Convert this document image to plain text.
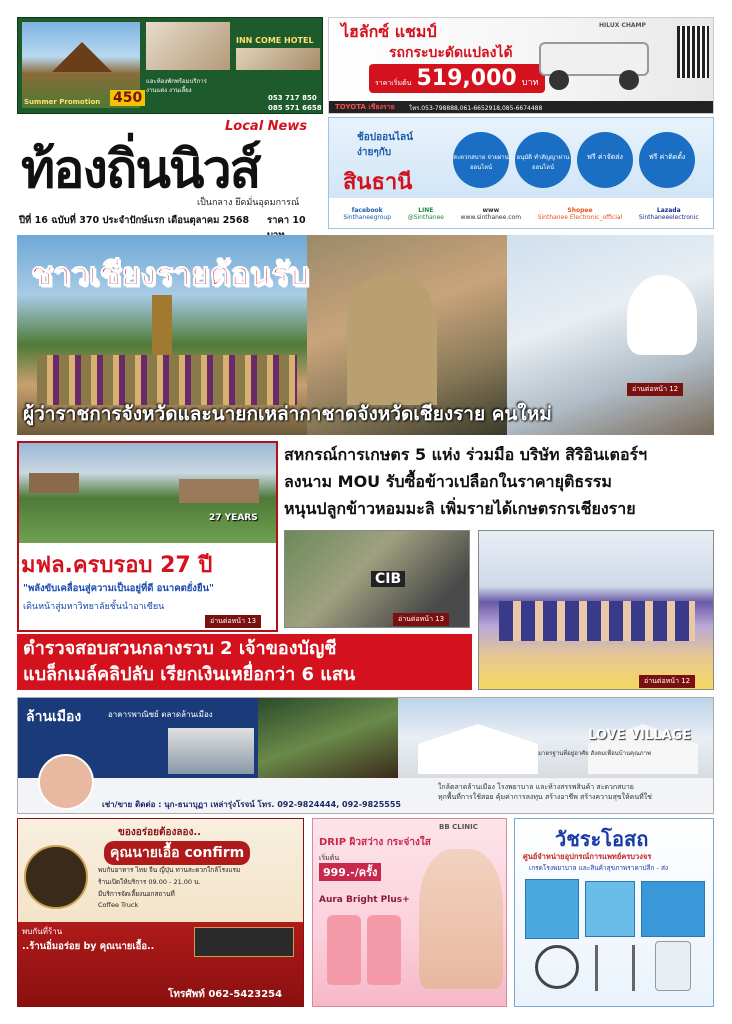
Summer Promotion 450
INN COME HOTEL
และห้องพักพร้อมบริการ
งานแต่ง งานเลี้ยง
053 717 850
085 571 6658
ไฮลักซ์ แชมป์
รถกระบะดัดแปลงได้
ราคาเริ่มต้น 519,000 บาท
HILUX CHAMP
TOYOTA เชียงราย โทร.053-798888,061-6652918,085-6674488
Local News
ท้องถิ่นนิวส์
เป็นกลาง ยึดมั่นอุดมการณ์
ปีที่ 16 ฉบับที่ 370 ประจำปักษ์แรก เดือนตุลาคม 2568 ราคา 10
ช้อปออนไลน์ ง่ายๆกับ
สินธานี
สะดวกสบาย จ่ายผ่านออนไลน์
อนุมัติ ทำสัญญาผ่านออนไลน์
ฟรี ค่าจัดส่ง	ฟรี ค่าติดตั้ง
facebook
Sinthaneegroup
LINE
@Sinthanee
www
www.sinthanee.com
Shopee
Sinthanee Electronic_official
Lazada
Sinthaneeelectronic
ชาวเชียงรายต้อนรับ
อ่านต่อหน้า 12
ผู้ว่าราชการจังหวัดและนายกเหล่ากาชาดจังหวัดเชียงราย คนใหม่
27 YEARS
มฟล.ครบรอบ 27 ปี
"พลังขับเคลื่อนสู่ความเป็นอยู่ที่ดี อนาคตยั่งยืน"
เดินหน้าสู่มหาวิทยาลัยชั้นนำอาเซียน
อ่านต่อหน้า 13
สหกรณ์การเกษตร 5 แห่ง ร่วมมือ บริษัท สิริอินเตอร์ฯ
ลงนาม MOU รับซื้อข้าวเปลือกในราคายุติธรรม
หนุนปลูกข้าวหอมมะลิ เพิ่มรายได้เกษตรกรเชียงราย
CIB
อ่านต่อหน้า 13
อ่านต่อหน้า 12
ตำรวจสอบสวนกลางรวบ 2 เจ้าของบัญชี
แบล็กเมล์คลิปลับ เรียกเงินเหยื่อกว่า 6 แสน
ล้านเมือง	อาคารพาณิชย์ ตลาดล้านเมือง
LOVE VILLAGE
มาตรฐานที่อยู่อาศัย สังคมเพื่อนบ้านคุณภาพ
ใกล้ตลาดล้านเมือง โรงพยาบาล และห้างสรรพสินค้า สะดวกสบาย
ทุกพื้นที่การใช้สอย คุ้มค่าการลงทุน สร้างอาชีพ สร้างความสุขให้คนที่ใช่
เช่า/ขาย ติดต่อ : นุก-ธนาบุฏา เหล่ารุ่งโรจน์ โทร. 092-9824444, 092-9825555
ของอร่อยต้องลอง..
คุณนายเอื้อ confirm
พบกับอาหาร ไทย จีน ญี่ปุ่น ทานสะดวกใกล้โรงแรม
ร้านเปิดให้บริการ 09.00 - 21.00 น.
มีบริการจัดเลี้ยงนอกสถานที่
Coffee Truck
พบกันที่ร้าน
..ร้านอิ่มอร่อย by คุณนายเอื้อ..
โทรศัพท์ 062-5423254
BB CLINIC
DRIP ผิวสว่าง กระจ่างใส
เริ่มต้น
999.-/ครั้ง
Aura Bright Plus+
วัชระโอสถ
ศูนย์จำหน่ายอุปกรณ์การแพทย์ครบวงจร
เกรดโรงพยาบาล และสินค้าสุขภาพราคาปลีก - ส่ง
